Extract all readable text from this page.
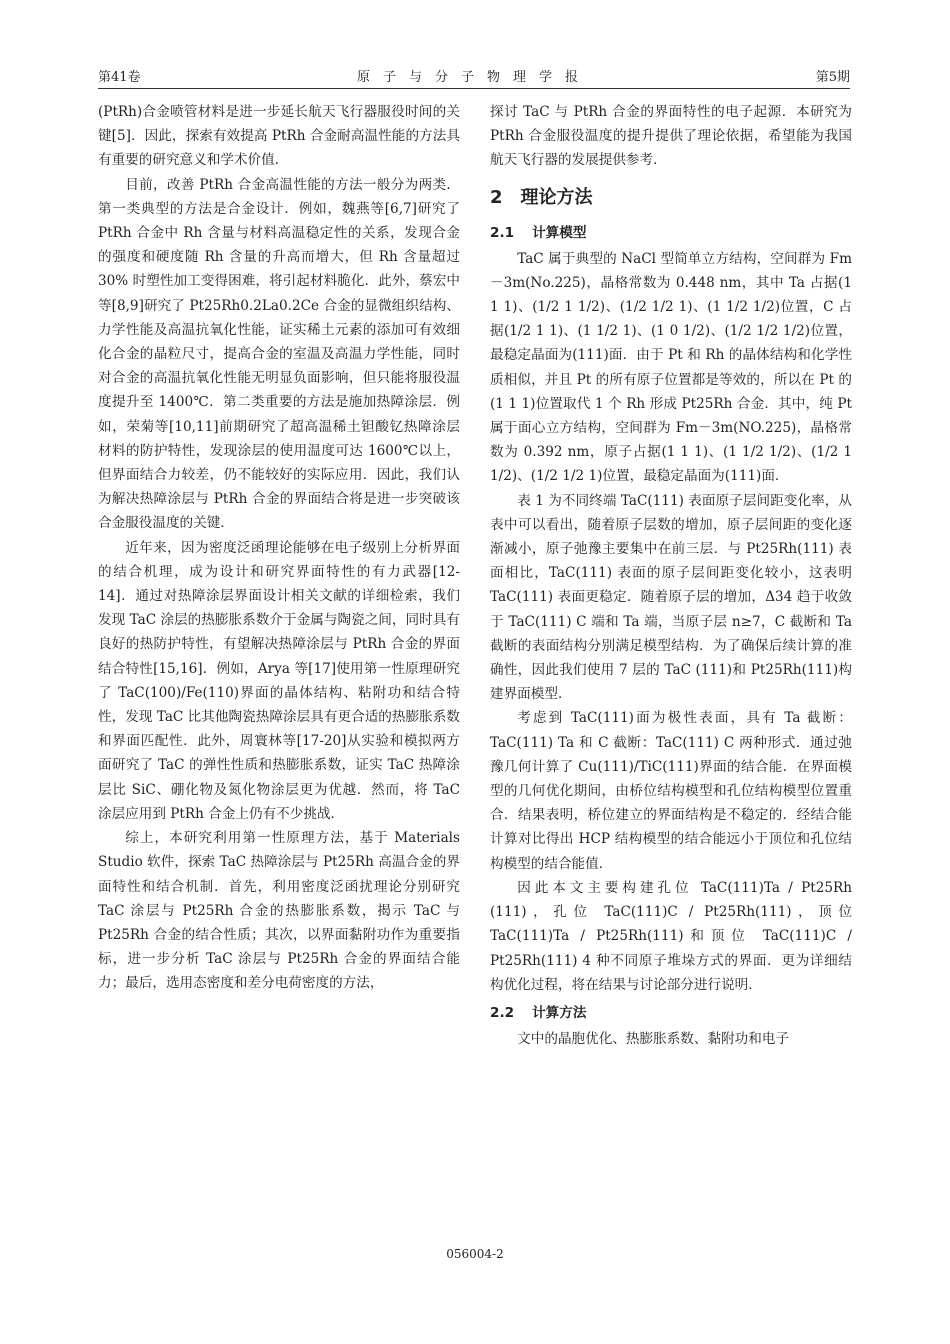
第41卷	原子与分子物理学报	第5期

(PtRh)合金喷管材料是进一步延长航天飞行器服役时间的关键[5]．因此，探索有效提高 PtRh 合金耐高温性能的方法具有重要的研究意义和学术价值．

目前，改善 PtRh 合金高温性能的方法一般分为两类．第一类典型的方法是合金设计．例如，魏燕等[6,7]研究了 PtRh 合金中 Rh 含量与材料高温稳定性的关系，发现合金的强度和硬度随 Rh 含量的升高而增大，但 Rh 含量超过 30% 时塑性加工变得困难，将引起材料脆化．此外，蔡宏中等[8,9]研究了 Pt25Rh0.2La0.2Ce 合金的显微组织结构、力学性能及高温抗氧化性能，证实稀土元素的添加可有效细化合金的晶粒尺寸，提高合金的室温及高温力学性能，同时对合金的高温抗氧化性能无明显负面影响，但只能将服役温度提升至 1400℃．第二类重要的方法是施加热障涂层．例如，荣菊等[10,11]前期研究了超高温稀土钽酸钇热障涂层材料的防护特性，发现涂层的使用温度可达 1600℃以上，但界面结合力较差，仍不能较好的实际应用．因此，我们认为解决热障涂层与 PtRh 合金的界面结合将是进一步突破该合金服役温度的关键．

近年来，因为密度泛函理论能够在电子级别上分析界面的结合机理，成为设计和研究界面特性的有力武器[12-14]．通过对热障涂层界面设计相关文献的详细检索，我们发现 TaC 涂层的热膨胀系数介于金属与陶瓷之间，同时具有良好的热防护特性，有望解决热障涂层与 PtRh 合金的界面结合特性[15,16]．例如，Arya 等[17]使用第一性原理研究了 TaC(100)/Fe(110)界面的晶体结构、粘附功和结合特性，发现 TaC 比其他陶瓷热障涂层具有更合适的热膨胀系数和界面匹配性．此外，周寰林等[17-20]从实验和模拟两方面研究了 TaC 的弹性性质和热膨胀系数，证实 TaC 热障涂层比 SiC、硼化物及氮化物涂层更为优越．然而，将 TaC 涂层应用到 PtRh 合金上仍有不少挑战．

综上，本研究利用第一性原理方法，基于 Materials Studio 软件，探索 TaC 热障涂层与 Pt25Rh 高温合金的界面特性和结合机制．首先，利用密度泛函扰理论分别研究 TaC 涂层与 Pt25Rh 合金的热膨胀系数，揭示 TaC 与 Pt25Rh 合金的结合性质；其次，以界面黏附功作为重要指标，进一步分析 TaC 涂层与 Pt25Rh 合金的界面结合能力；最后，选用态密度和差分电荷密度的方法，

探讨 TaC 与 PtRh 合金的界面特性的电子起源．本研究为 PtRh 合金服役温度的提升提供了理论依据，希望能为我国航天飞行器的发展提供参考．

2 理论方法
2.1 计算模型

TaC 属于典型的 NaCl 型简单立方结构，空间群为 Fm－3m(No.225)，晶格常数为 0.448 nm，其中 Ta 占据(1 1 1)、(1/2 1 1/2)、(1/2 1/2 1)、(1 1/2 1/2)位置，C 占据(1/2 1 1)、(1 1/2 1)、(1 0 1/2)、(1/2 1/2 1/2)位置，最稳定晶面为(111)面．由于 Pt 和 Rh 的晶体结构和化学性质相似，并且 Pt 的所有原子位置都是等效的，所以在 Pt 的(1 1 1)位置取代 1 个 Rh 形成 Pt25Rh 合金．其中，纯 Pt 属于面心立方结构，空间群为 Fm－3m(NO.225)，晶格常数为 0.392 nm，原子占据(1 1 1)、(1 1/2 1/2)、(1/2 1 1/2)、(1/2 1/2 1)位置，最稳定晶面为(111)面．

表 1 为不同终端 TaC(111) 表面原子层间距变化率，从表中可以看出，随着原子层数的增加，原子层间距的变化逐渐减小，原子弛豫主要集中在前三层．与 Pt25Rh(111) 表面相比，TaC(111) 表面的原子层间距变化较小，这表明 TaC(111) 表面更稳定．随着原子层的增加，Δ34 趋于收敛于 TaC(111) C 端和 Ta 端，当原子层 n≥7，C 截断和 Ta 截断的表面结构分别满足模型结构．为了确保后续计算的准确性，因此我们使用 7 层的 TaC (111)和 Pt25Rh(111)构建界面模型．

考虑到 TaC(111)面为极性表面，具有 Ta 截断：TaC(111) Ta 和 C 截断：TaC(111) C 两种形式．通过弛豫几何计算了 Cu(111)/TiC(111)界面的结合能．在界面模型的几何优化期间，由桥位结构模型和孔位结构模型位置重合．结果表明，桥位建立的界面结构是不稳定的．经结合能计算对比得出 HCP 结构模型的结合能远小于顶位和孔位结构模型的结合能值．

因此本文主要构建孔位 TaC(111)Ta / Pt25Rh (111)，孔位 TaC(111)C / Pt25Rh(111)，顶位 TaC(111)Ta / Pt25Rh(111)和顶位 TaC(111)C / Pt25Rh(111) 4 种不同原子堆垛方式的界面．更为详细结构优化过程，将在结果与讨论部分进行说明．

2.2 计算方法

文中的晶胞优化、热膨胀系数、黏附功和电子

056004-2
